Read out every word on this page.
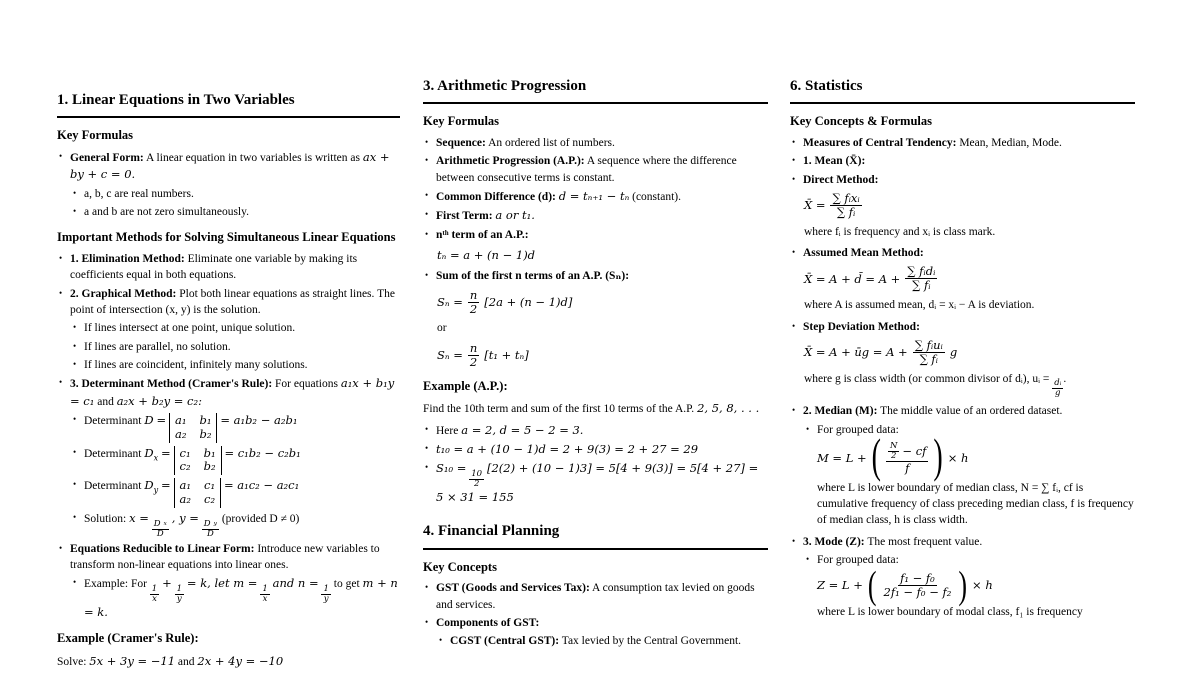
1. Linear Equations in Two Variables
Key Formulas
• General Form: A linear equation in two variables is written as ax + by + c = 0.
• a, b, c are real numbers.
• a and b are not zero simultaneously.
Important Methods for Solving Simultaneous Linear Equations
• 1. Elimination Method: Eliminate one variable by making its coefficients equal in both equations.
• 2. Graphical Method: Plot both linear equations as straight lines. The point of intersection (x, y) is the solution.
• If lines intersect at one point, unique solution.
• If lines are parallel, no solution.
• If lines are coincident, infinitely many solutions.
• 3. Determinant Method (Cramer's Rule): For equations a₁x + b₁y = c₁ and a₂x + b₂y = c₂:
• Determinant D = a₁ b₁
a₂ b₂
= a₁b₂ − a₂b₁
• Determinant $D_x = c_1$ b₁
c₂ b₂
= c₁b₂ − c₂b₁
• Determinant $D_y = a_1$ c₁
a₂ c₂
= a₁c₂ − a₂c₁
• Solution: x =
$\frac{\text{D x}}{D}$
, y =
$\frac{\text{D y}}{D}$
(provided D ≠ 0)
• Equations Reducible to Linear Form: Introduce new variables to transform non-linear equations into linear ones.
• Example: For
$\frac{1}{x}$
+
$\frac{1}{y}$
= k, let m =
$\frac{1}{x}$
and n =
$\frac{1}{y}$
to get m + n = k.
Example (Cramer's Rule):
Solve: 5x + 3y = −11 and 2x + 4y = −10
3. Arithmetic Progression
Key Formulas
• Sequence: An ordered list of numbers.
• Arithmetic Progression (A.P.): A sequence where the difference between consecutive terms is constant.
• Common Difference (d): d = tₙ₊₁ − tₙ (constant).
• First Term: a or t₁.
• nᵗʰ term of an A.P.:
tₙ = a + (n − 1)d
• Sum of the first n terms of an A.P. (Sₙ):
$S_n = \frac{n}{2} [2a + (n - 1)d]$
or
$S_n = \frac{n}{2} [t_1 + t_n]$
Example (A.P.):
Find the 10th term and sum of the first 10 terms of the A.P. 2, 5, 8, . . .
• Here a = 2, d = 5 − 2 = 3.
• t₁₀ = a + (10 − 1)d = 2 + 9(3) = 2 + 27 = 29
• S₁₀ =
$\frac{10}{2}$
[2(2) + (10 − 1)3] = 5[4 + 9(3)] = 5[4 + 27] = 5 × 31 = 155
4. Financial Planning
Key Concepts
• GST (Goods and Services Tax): A consumption tax levied on goods and services.
• Components of GST:
• CGST (Central GST): Tax levied by the Central Government.
6. Statistics
Key Concepts & Formulas
• Measures of Central Tendency: Mean, Median, Mode.
• 1. Mean (X̄):
• Direct Method:
X̄ = $\frac{\text{∑ fᵢxᵢ}}{\text{∑ fᵢ}}$
where fᵢ is frequency and xᵢ is class mark.
• Assumed Mean Method:
X̄ = A + d̄ = $A + \frac{\text{∑ fᵢdᵢ}}{\text{∑ fᵢ}}$
where A is assumed mean, dᵢ = xᵢ − A is deviation.
• Step Deviation Method:
X̄ = A + ūg = $A + \frac{\text{∑ fᵢuᵢ}}{\text{∑ fᵢ}}$ g
where g is class width (or common divisor of dᵢ), uᵢ =
$\frac{\text{dᵢ}}{g}$
.
• 2. Median (M): The middle value of an ordered dataset.
• For grouped data:
M = L + ( $\frac{\frac{N}{2} - cf}{f}$ ) × h
where L is lower boundary of median class, N = ∑ fᵢ, cf is cumulative frequency of class preceding median class, f is frequency of median class, h is class width.
• 3. Mode (Z): The most frequent value.
• For grouped data:
Z = L + ( $\frac{\text{f₁ − f₀}}{\text{2f₁ − f₀ − f₂}}$ ) × h
where L is lower boundary of modal class, f₁ is frequency
